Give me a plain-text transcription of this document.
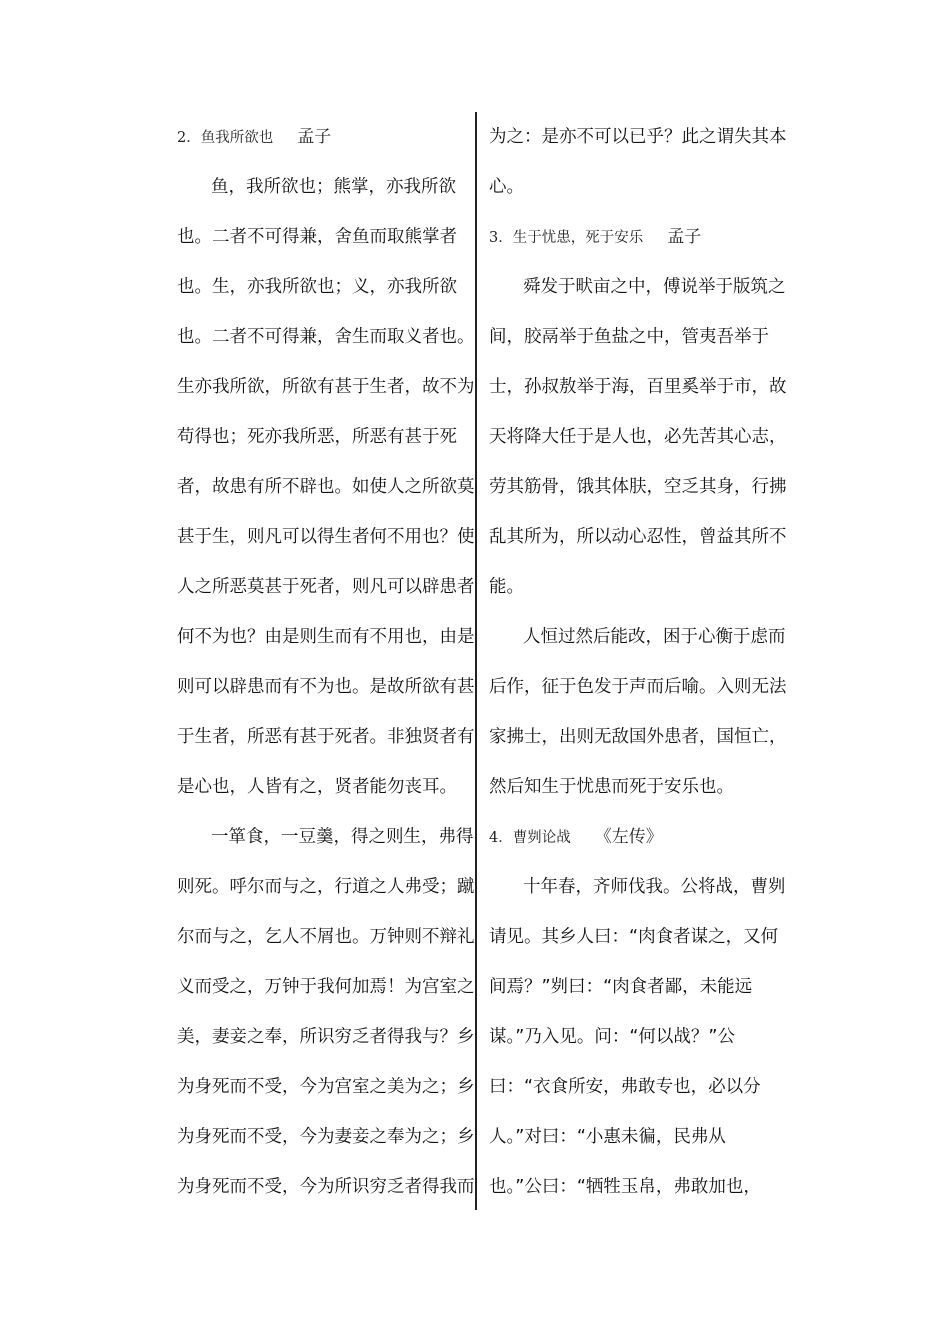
2．鱼我所欲也 孟子
鱼，我所欲也；熊掌，亦我所欲
也。二者不可得兼，舍鱼而取熊掌者
也。生，亦我所欲也；义，亦我所欲
也。二者不可得兼，舍生而取义者也。
生亦我所欲，所欲有甚于生者，故不为
苟得也；死亦我所恶，所恶有甚于死
者，故患有所不辟也。如使人之所欲莫
甚于生，则凡可以得生者何不用也？使
人之所恶莫甚于死者，则凡可以辟患者
何不为也？由是则生而有不用也，由是
则可以辟患而有不为也。是故所欲有甚
于生者，所恶有甚于死者。非独贤者有
是心也，人皆有之，贤者能勿丧耳。
一箪食，一豆羹，得之则生，弗得
则死。呼尔而与之，行道之人弗受；蹴
尔而与之，乞人不屑也。万钟则不辩礼
义而受之，万钟于我何加焉！为宫室之
美，妻妾之奉，所识穷乏者得我与？乡
为身死而不受，今为宫室之美为之；乡
为身死而不受，今为妻妾之奉为之；乡
为身死而不受，今为所识穷乏者得我而
为之：是亦不可以已乎？此之谓失其本
心。
3．生于忧患，死于安乐 孟子
舜发于畎亩之中，傅说举于版筑之
间，胶鬲举于鱼盐之中，管夷吾举于
士，孙叔敖举于海，百里奚举于市，故
天将降大任于是人也，必先苦其心志，
劳其筋骨，饿其体肤，空乏其身，行拂
乱其所为，所以动心忍性，曾益其所不
能。
人恒过然后能改，困于心衡于虑而
后作，征于色发于声而后喻。入则无法
家拂士，出则无敌国外患者，国恒亡，
然后知生于忧患而死于安乐也。
4．曹刿论战 《左传》
十年春，齐师伐我。公将战，曹刿
请见。其乡人曰：“肉食者谋之，又何
间焉？”刿曰：“肉食者鄙，未能远
谋。”乃入见。问：“何以战？”公
曰：“衣食所安，弗敢专也，必以分
人。”对曰：“小惠未徧，民弗从
也。”公曰：“牺牲玉帛，弗敢加也，
